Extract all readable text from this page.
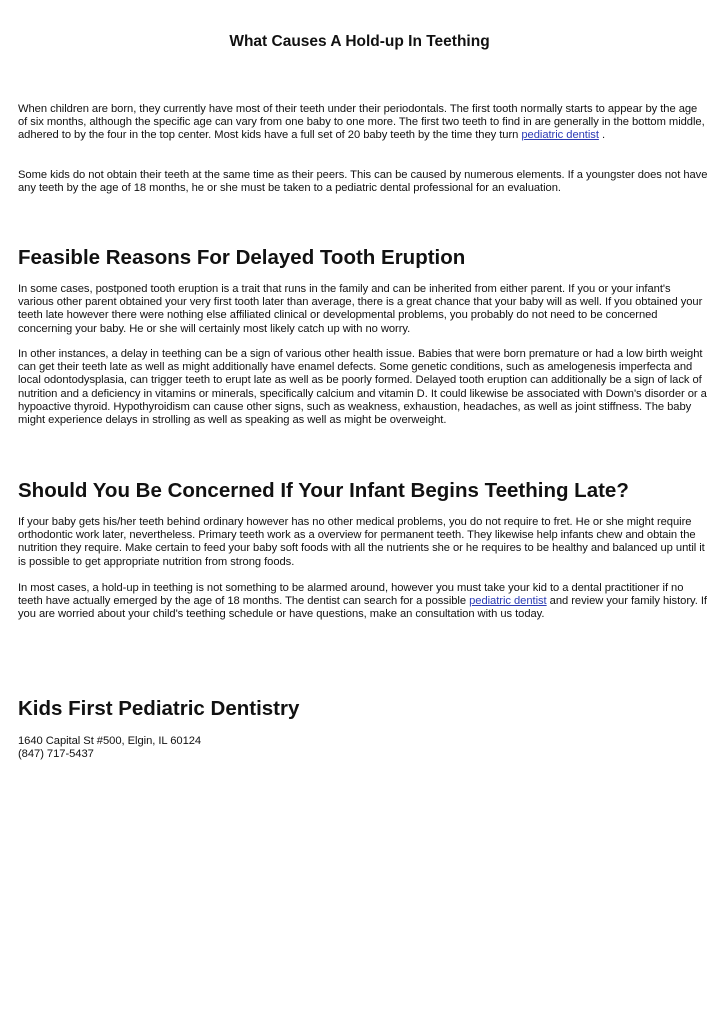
What Causes A Hold-up In Teething

When children are born, they currently have most of their teeth under their periodontals. The first tooth normally starts to appear by the age of six months, although the specific age can vary from one baby to one more. The first two teeth to find in are generally in the bottom middle, adhered to by the four in the top center. Most kids have a full set of 20 baby teeth by the time they turn pediatric dentist .

Some kids do not obtain their teeth at the same time as their peers. This can be caused by numerous elements. If a youngster does not have any teeth by the age of 18 months, he or she must be taken to a pediatric dental professional for an evaluation.

Feasible Reasons For Delayed Tooth Eruption

In some cases, postponed tooth eruption is a trait that runs in the family and can be inherited from either parent. If you or your infant's various other parent obtained your very first tooth later than average, there is a great chance that your baby will as well. If you obtained your teeth late however there were nothing else affiliated clinical or developmental problems, you probably do not need to be concerned concerning your baby. He or she will certainly most likely catch up with no worry.

In other instances, a delay in teething can be a sign of various other health issue. Babies that were born premature or had a low birth weight can get their teeth late as well as might additionally have enamel defects. Some genetic conditions, such as amelogenesis imperfecta and local odontodysplasia, can trigger teeth to erupt late as well as be poorly formed. Delayed tooth eruption can additionally be a sign of lack of nutrition and a deficiency in vitamins or minerals, specifically calcium and vitamin D. It could likewise be associated with Down's disorder or a hypoactive thyroid. Hypothyroidism can cause other signs, such as weakness, exhaustion, headaches, as well as joint stiffness. The baby might experience delays in strolling as well as speaking as well as might be overweight.

Should You Be Concerned If Your Infant Begins Teething Late?

If your baby gets his/her teeth behind ordinary however has no other medical problems, you do not require to fret. He or she might require orthodontic work later, nevertheless. Primary teeth work as a overview for permanent teeth. They likewise help infants chew and obtain the nutrition they require. Make certain to feed your baby soft foods with all the nutrients she or he requires to be healthy and balanced up until it is possible to get appropriate nutrition from strong foods.

In most cases, a hold-up in teething is not something to be alarmed around, however you must take your kid to a dental practitioner if no teeth have actually emerged by the age of 18 months. The dentist can search for a possible pediatric dentist and review your family history. If you are worried about your child's teething schedule or have questions, make an consultation with us today.

Kids First Pediatric Dentistry

1640 Capital St #500, Elgin, IL 60124
(847) 717-5437
